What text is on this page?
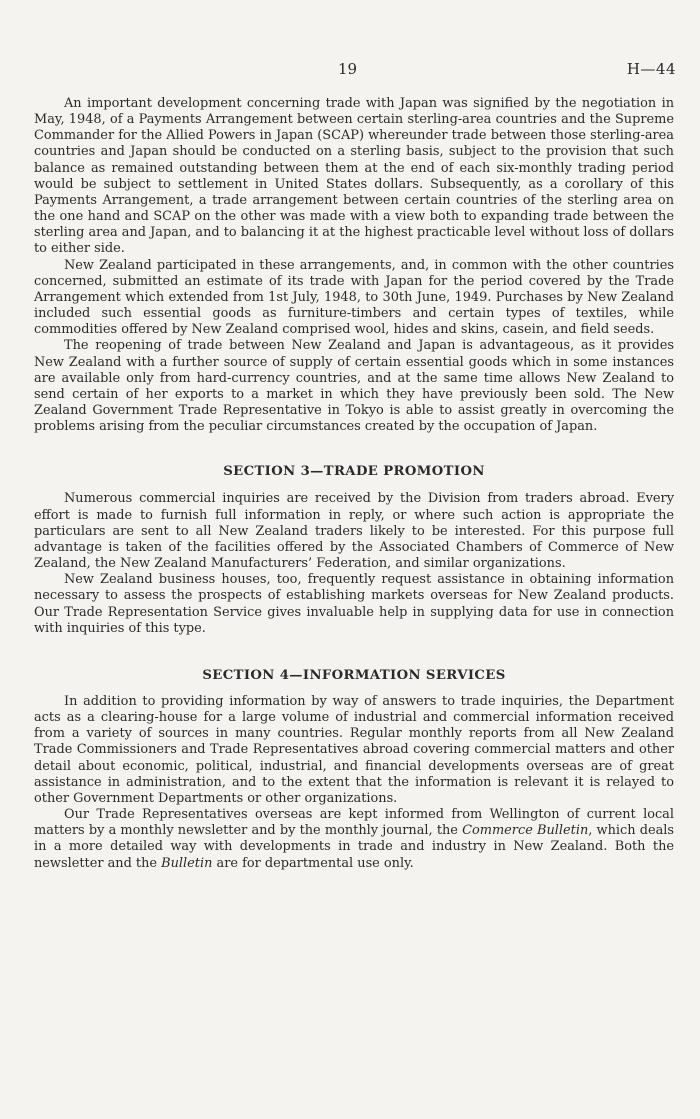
19	H—44

An important development concerning trade with Japan was signified by the negotiation in May, 1948, of a Payments Arrangement between certain sterling-area countries and the Supreme Commander for the Allied Powers in Japan (SCAP) whereunder trade between those sterling-area countries and Japan should be conducted on a sterling basis, subject to the provision that such balance as remained outstanding between them at the end of each six-monthly trading period would be subject to settlement in United States dollars. Subsequently, as a corollary of this Payments Arrangement, a trade arrangement between certain countries of the sterling area on the one hand and SCAP on the other was made with a view both to expanding trade between the sterling area and Japan, and to balancing it at the highest practicable level without loss of dollars to either side.

New Zealand participated in these arrangements, and, in common with the other countries concerned, submitted an estimate of its trade with Japan for the period covered by the Trade Arrangement which extended from 1st July, 1948, to 30th June, 1949. Purchases by New Zealand included such essential goods as furniture-timbers and certain types of textiles, while commodities offered by New Zealand comprised wool, hides and skins, casein, and field seeds.

The reopening of trade between New Zealand and Japan is advantageous, as it provides New Zealand with a further source of supply of certain essential goods which in some instances are available only from hard-currency countries, and at the same time allows New Zealand to send certain of her exports to a market in which they have previously been sold. The New Zealand Government Trade Representative in Tokyo is able to assist greatly in overcoming the problems arising from the peculiar circumstances created by the occupation of Japan.

SECTION 3—TRADE PROMOTION

Numerous commercial inquiries are received by the Division from traders abroad. Every effort is made to furnish full information in reply, or where such action is appropriate the particulars are sent to all New Zealand traders likely to be interested. For this purpose full advantage is taken of the facilities offered by the Associated Chambers of Commerce of New Zealand, the New Zealand Manufacturers’ Federation, and similar organizations.

New Zealand business houses, too, frequently request assistance in obtaining information necessary to assess the prospects of establishing markets overseas for New Zealand products. Our Trade Representation Service gives invaluable help in supplying data for use in connection with inquiries of this type.

SECTION 4—INFORMATION SERVICES

In addition to providing information by way of answers to trade inquiries, the Department acts as a clearing-house for a large volume of industrial and commercial information received from a variety of sources in many countries. Regular monthly reports from all New Zealand Trade Commissioners and Trade Representatives abroad covering commercial matters and other detail about economic, political, industrial, and financial developments overseas are of great assistance in administration, and to the extent that the information is relevant it is relayed to other Government Departments or other organizations.

Our Trade Representatives overseas are kept informed from Wellington of current local matters by a monthly newsletter and by the monthly journal, the Commerce Bulletin, which deals in a more detailed way with developments in trade and industry in New Zealand. Both the newsletter and the Bulletin are for departmental use only.
